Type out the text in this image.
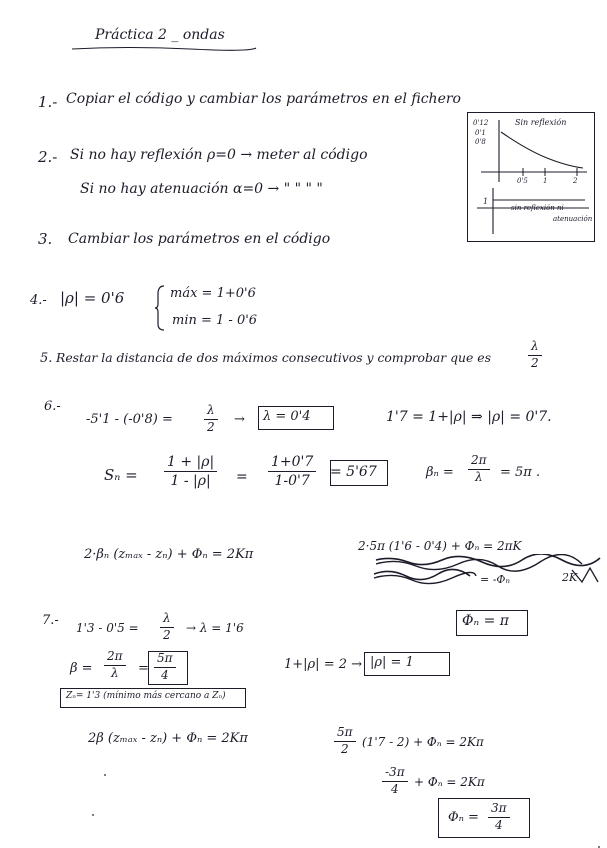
Práctica 2 _ ondas
1.- Copiar el código y cambiar los parámetros en el fichero
2.- Si no hay reflexión ρ=0 → meter al código
Si no hay atenuación α=0 → " " " "
0'12
0'1
0'8
Sin reflexión
0'5 1	2
1
sin reflexión ni
atenuación
3. Cambiar los parámetros en el código
4.- |ρ| = 0'6	máx = 1+0'6
min = 1 - 0'6
5. Restar la distancia de dos máximos consecutivos y comprobar que es	$\frac{\lambda}{2}$
6.-
-5'1 - (-0'8) =	$\frac{\lambda}{2} \to \lambda = 0'4$	1'7 = 1+|ρ| ⇒ |ρ| = 0'7.
$S_n = \frac{1 + |\rho|}{1 - |\rho|} = \frac{1+0'7}{1-0'7} = 5'67$	$\beta_n = \frac{2\pi}{\lambda} = 5\pi$ .
2·βₙ (zₘₐₓ - zₙ) + Φₙ = 2Kπ
2·5π (1'6 - 0'4) + Φₙ = 2πK
= -Φₙ	2K
Φₙ = π
7.- $1'3 - 0'5 = \frac{\lambda}{2} \to \lambda = 1'6$
$\beta = \frac{2\pi}{\lambda} = \frac{5\pi}{4}$	1+|ρ| = 2 → |ρ| = 1
Zₙ= 1'3 (mínimo más cercano a Zₙ)
2β (zₘₐₓ - zₙ) + Φₙ = 2Kπ	$\frac{5\pi}{2} (1'7 - 2) + \Phi_n = 2K\pi$
$\frac{-3\pi}{4} + \Phi_n = 2K\pi$
$\Phi_n = \frac{3\pi}{4}$
